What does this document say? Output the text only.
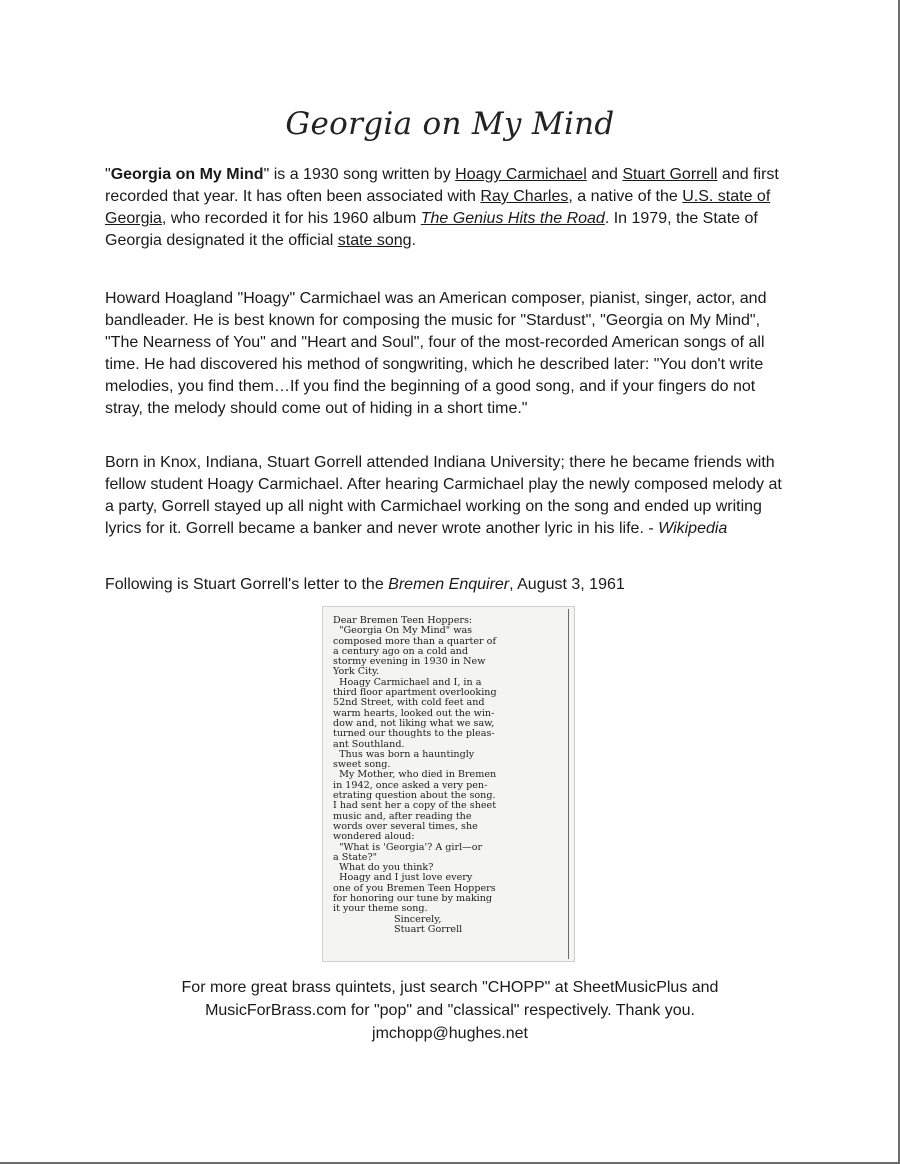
Georgia on My Mind

"Georgia on My Mind" is a 1930 song written by Hoagy Carmichael and Stuart Gorrell and first recorded that year. It has often been associated with Ray Charles, a native of the U.S. state of Georgia, who recorded it for his 1960 album The Genius Hits the Road. In 1979, the State of Georgia designated it the official state song.

Howard Hoagland "Hoagy" Carmichael was an American composer, pianist, singer, actor, and bandleader. He is best known for composing the music for "Stardust", "Georgia on My Mind", "The Nearness of You" and "Heart and Soul", four of the most-recorded American songs of all time. He had discovered his method of songwriting, which he described later: "You don't write melodies, you find them…If you find the beginning of a good song, and if your fingers do not stray, the melody should come out of hiding in a short time."

Born in Knox, Indiana, Stuart Gorrell attended Indiana University; there he became friends with fellow student Hoagy Carmichael. After hearing Carmichael play the newly composed melody at a party, Gorrell stayed up all night with Carmichael working on the song and ended up writing lyrics for it. Gorrell became a banker and never wrote another lyric in his life. - Wikipedia

Following is Stuart Gorrell's letter to the Bremen Enquirer, August 3, 1961

Dear Bremen Teen Hoppers:
"Georgia On My Mind" was
composed more than a quarter of
a century ago on a cold and
stormy evening in 1930 in New
York City.
Hoagy Carmichael and I, in a
third floor apartment overlooking
52nd Street, with cold feet and
warm hearts, looked out the win-
dow and, not liking what we saw,
turned our thoughts to the pleas-
ant Southland.
Thus was born a hauntingly
sweet song.
My Mother, who died in Bremen
in 1942, once asked a very pen-
etrating question about the song.
I had sent her a copy of the sheet
music and, after reading the
words over several times, she
wondered aloud:
"What is 'Georgia'? A girl—or
a State?"
What do you think?
Hoagy and I just love every
one of you Bremen Teen Hoppers
for honoring our tune by making
it your theme song.
Sincerely,
Stuart Gorrell
For more great brass quintets, just search "CHOPP" at SheetMusicPlus and
MusicForBrass.com for "pop" and "classical" respectively. Thank you.
jmchopp@hughes.net
